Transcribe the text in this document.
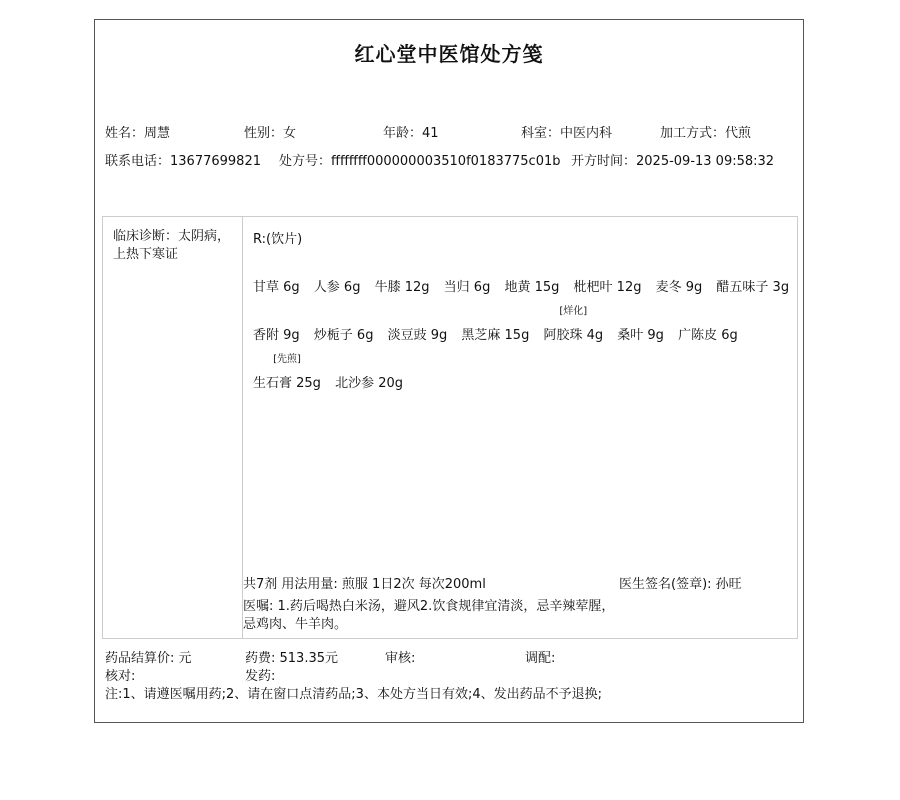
红心堂中医馆处方笺
姓名：周慧	性别：女	年龄：41	科室：中医内科	加工方式：代煎
联系电话：13677699821 处方号：ffffffff000000003510f0183775c01b 开方时间：2025-09-13 09:58:32
临床诊断：太阴病，上热下寒证
R:(饮片)
甘草 6g 人参 6g 牛膝 12g 当归 6g 地黄 15g 枇杷叶 12g 麦冬 9g 醋五味子 3g
香附 9g 炒栀子 6g 淡豆豉 9g 黑芝麻 15g
[烊化]
阿胶珠 4g 桑叶 9g 广陈皮 6g
[先煎]
生石膏 25g 北沙参 20g
共7剂 用法用量: 煎服 1日2次 每次200ml	医生签名(签章): 孙旺
医嘱: 1.药后喝热白米汤，避风2.饮食规律宜清淡，忌辛辣荤腥，忌鸡肉、牛羊肉。
药品结算价: 元	药费: 513.35元	审核:	调配:
核对:	发药:
注:1、请遵医嘱用药;2、请在窗口点清药品;3、本处方当日有效;4、发出药品不予退换;
